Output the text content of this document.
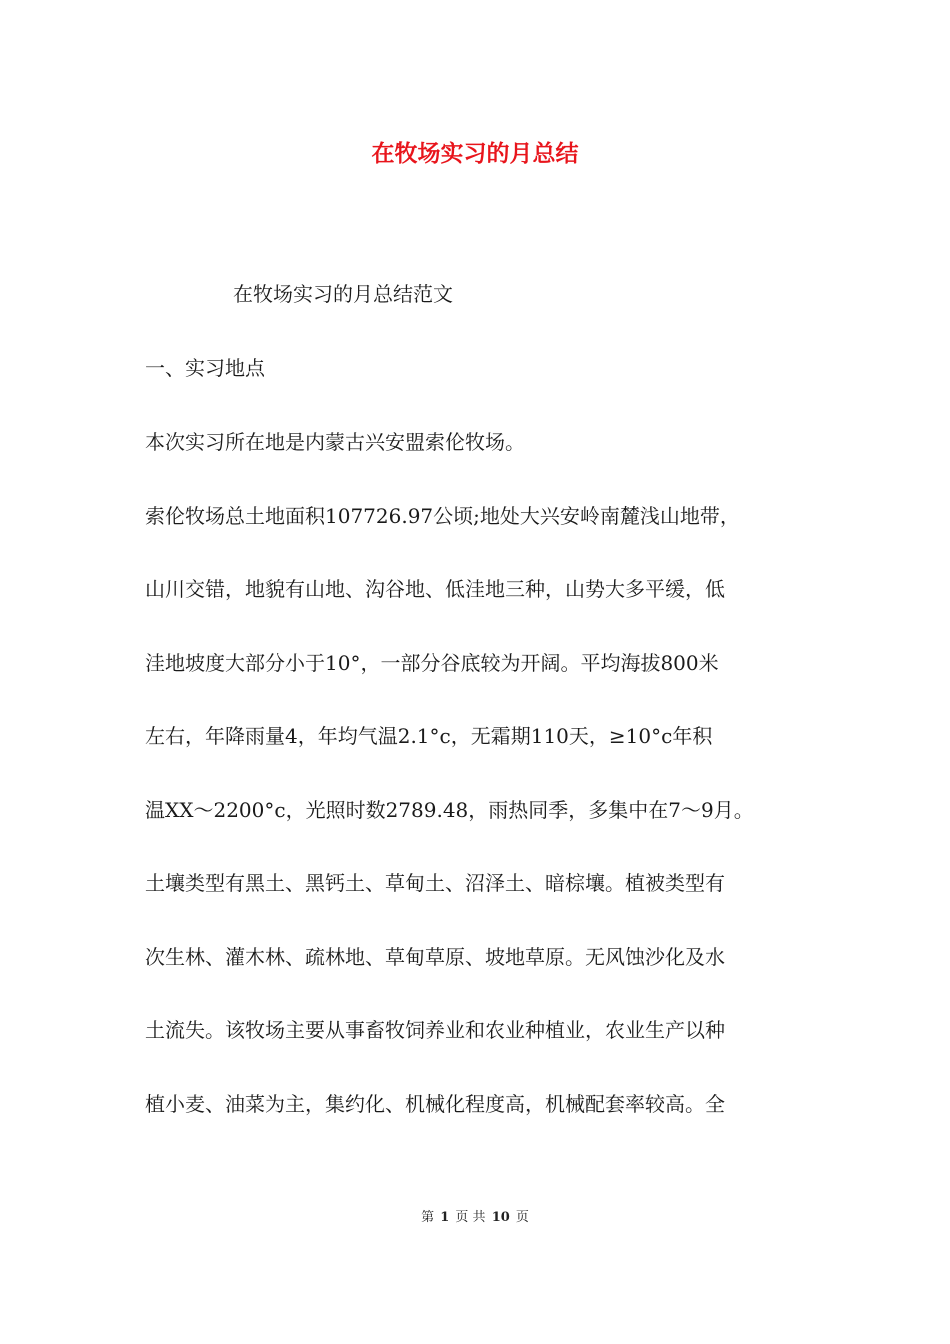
在牧场实习的月总结

在牧场实习的月总结范文

一、实习地点

本次实习所在地是内蒙古兴安盟索伦牧场。
索伦牧场总土地面积107726.97公顷;地处大兴安岭南麓浅山地带，
山川交错，地貌有山地、沟谷地、低洼地三种，山势大多平缓，低
洼地坡度大部分小于10°，一部分谷底较为开阔。平均海拔800米
左右，年降雨量4，年均气温2.1°c，无霜期110天，≥10°c年积
温XX～2200°c，光照时数2789.48，雨热同季，多集中在7～9月。
土壤类型有黑土、黑钙土、草甸土、沼泽土、暗棕壤。植被类型有
次生林、灌木林、疏林地、草甸草原、坡地草原。无风蚀沙化及水
土流失。该牧场主要从事畜牧饲养业和农业种植业，农业生产以种
植小麦、油菜为主，集约化、机械化程度高，机械配套率较高。全
第 1 页 共 10 页
